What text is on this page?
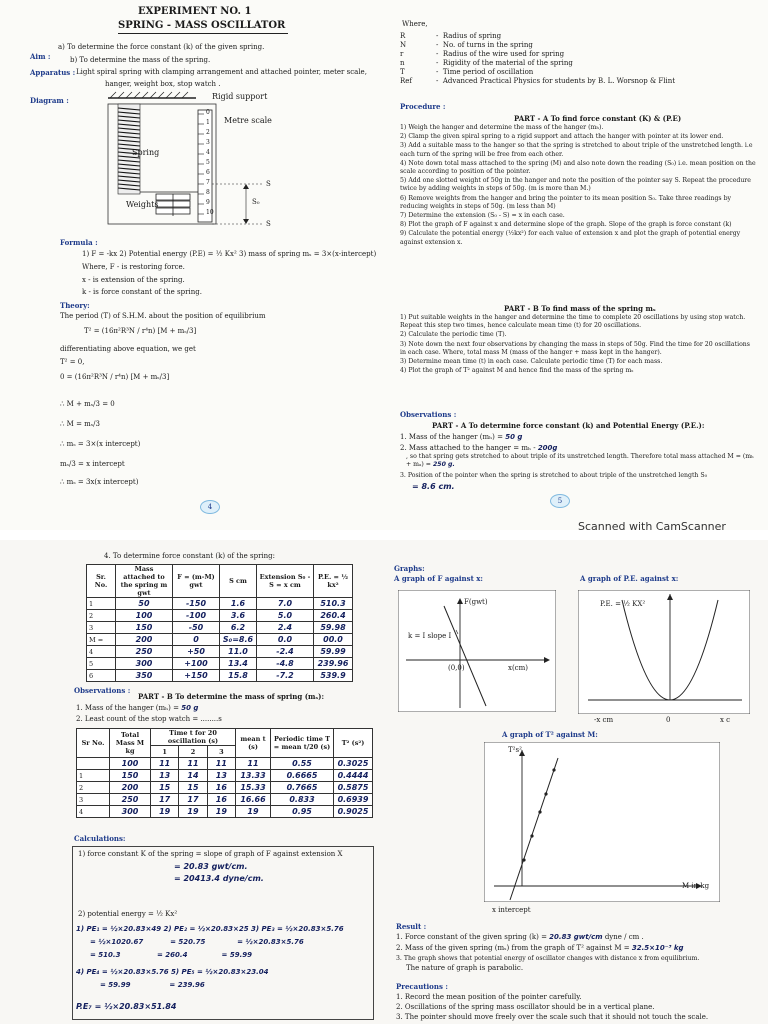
EXPERIMENT NO. 1
SPRING - MASS OSCILLATOR
Aim :
a) To determine the force constant (k) of the given spring.
b) To determine the mass of the spring.
Apparatus : Light spiral spring with clamping arrangement and attached pointer, meter scale,
hanger, weight box, stop watch .
Diagram :	Rigid support
Metre scale
Spring
Weights
S
S₀
S
0
1
2
3
4
5
6
7
8
9
10
Formula :
1) F = -kx 2) Potential energy (P.E) = ½ Kx² 3) mass of spring mₛ = 3×(x-intercept)
Where, F - is restoring force.
x - is extension of the spring.
k - is force constant of the spring.
Theory:
The period (T) of S.H.M. about the position of equilibrium
T² = (16π²R³N / r⁴n) [M + mₛ/3]
differentiating above equation, we get
T² = 0,
0 = (16π²R³N / r⁴n) [M + mₛ/3]
∴ M + mₛ/3 = 0
∴ M = mₛ/3
∴ mₛ = 3×(x intercept)
mₛ/3 = x intercept
∴ mₛ = 3x(x intercept)
4
Where,
R	-  Radius of spring
N	-  No. of turns in the spring
r	-  Radius of the wire used for spring
n	-  Rigidity of the material of the spring
T	-  Time period of oscillation
Ref	-  Advanced Practical Physics for students by B. L. Worsnop & Flint
Procedure :
PART - A To find force constant (K) & (P.E)
1) Weigh the hanger and determine the mass of the hanger (mₕ).
2) Clamp the given spiral spring to a rigid support and attach the hanger with pointer at its lower end.
3) Add a suitable mass to the hanger so that the spring is stretched to about triple of the unstretched length. i.e each turn of the spring will be free from each other.
4) Note down total mass attached to the spring (M) and also note down the reading (S₀) i.e. mean position on the scale according to position of the pointer.
5) Add one slotted weight of 50g in the hanger and note the position of the pointer say S. Repeat the procedure twice by adding weights in steps of 50g. (m is more than M.)
6) Remove weights from the hanger and bring the pointer to its mean position S₀. Take three readings by reducing weights in steps of 50g. (m less than M)
7) Determine the extension (S₀ - S) = x in each case.
8) Plot the graph of F against x and determine slope of the graph. Slope of the graph is force constant (k)
9) Calculate the potential energy (½kx²) for each value of extension x and plot the graph of potential energy against extension x.
PART - B To find mass of the spring mₛ
1) Put suitable weights in the hanger and determine the time to complete 20 oscillations by using stop watch. Repeat this step two times, hence calculate mean time (t) for 20 oscillations.
2) Calculate the periodic time (T).
3) Note down the next four observations by changing the mass in steps of 50g. Find the time for 20 oscillations in each case. Where, total mass M (mass of the hanger + mass kept in the hanger).
3) Determine mean time (t) in each case. Calculate periodic time (T) for each mass.
4) Plot the graph of T² against M and hence find the mass of the spring mₛ
Observations :
PART - A To determine force constant (k) and Potential Energy (P.E.):
1. Mass of the hanger (mₕ) = 50 g
2. Mass attached to the hanger = mₕ - 200g
, so that spring gets stretched to about triple of its unstretched length. Therefore total mass attached M = (mₕ + mₐ) = 250 g.
3. Position of the pointer when the spring is stretched to about triple of the unstretched length S₀
= 8.6 cm.
5
Scanned with CamScanner
4. To determine force constant (k) of the spring:
Sr. No.	Mass attached to the spring m gwt	F = (m-M) gwt	S cm	Extension S₀ - S = x cm	P.E. = ½ kx²
1	50	-150	1.6	7.0	510.3
2	100	-100	3.6	5.0	260.4
3	150	-50	6.2	2.4	59.98
M =	200	0	S₀=8.6	0.0	00.0
4	250	+50	11.0	-2.4	59.99
5	300	+100	13.4	-4.8	239.96
6	350	+150	15.8	-7.2	539.9
Observations :
PART - B To determine the mass of spring (mₛ):
1. Mass of the hanger (mₕ) = 50 g
2. Least count of the stop watch = ........s
Sr No.	Total Mass M kg	Time t for 20 oscillation (s)			mean t (s)	Periodic time T = mean t/20 (s)	T² (s²)
		1	2	3			
	100	11	11	11	11	0.55	0.3025
1	150	13	14	13	13.33	0.6665	0.4444
2	200	15	15	16	15.33	0.7665	0.5875
3	250	17	17	16	16.66	0.833	0.6939
4	300	19	19	19	19	0.95	0.9025
Calculations:
1) force constant K of the spring = slope of graph of F against extension X
= 20.83 gwt/cm.
= 20413.4 dyne/cm.
2) potential energy = ½ Kx²
1) PE₁ = ½×20.83×49 2) PE₂ = ½×20.83×25 3) PE₃ = ½×20.83×5.76
= ½×1020.67           = 520.75             = ½×20.83×5.76
= 510.3               = 260.4              = 59.99
4) PE₄ = ½×20.83×5.76 5) PE₅ = ½×20.83×23.04
= 59.99                = 239.96
P.E₇ = ½×20.83×51.84
Graphs:
A graph of F against x:	A graph of P.E. against x:
F(gwt)
x(cm)
(0,0)
k = I slope I
P.E. = ½ KX²
-x cm	0	x c
A graph of T² against M:
T²s²
M in kg
x intercept
Result :
1. Force constant of the given spring (k) = 20.83 gwt/cm dyne / cm .
2. Mass of the given spring (mₛ) from the graph of T² against M = 32.5×10⁻³ kg
3. The graph shows that potential energy of oscillator changes with distance x from equilibrium.
The nature of graph is parabolic.
Precautions :
1. Record the mean position of the pointer carefully.
2. Oscillations of the spring mass oscillator should be in a vertical plane.
3. The pointer should move freely over the scale such that it should not touch the scale.
